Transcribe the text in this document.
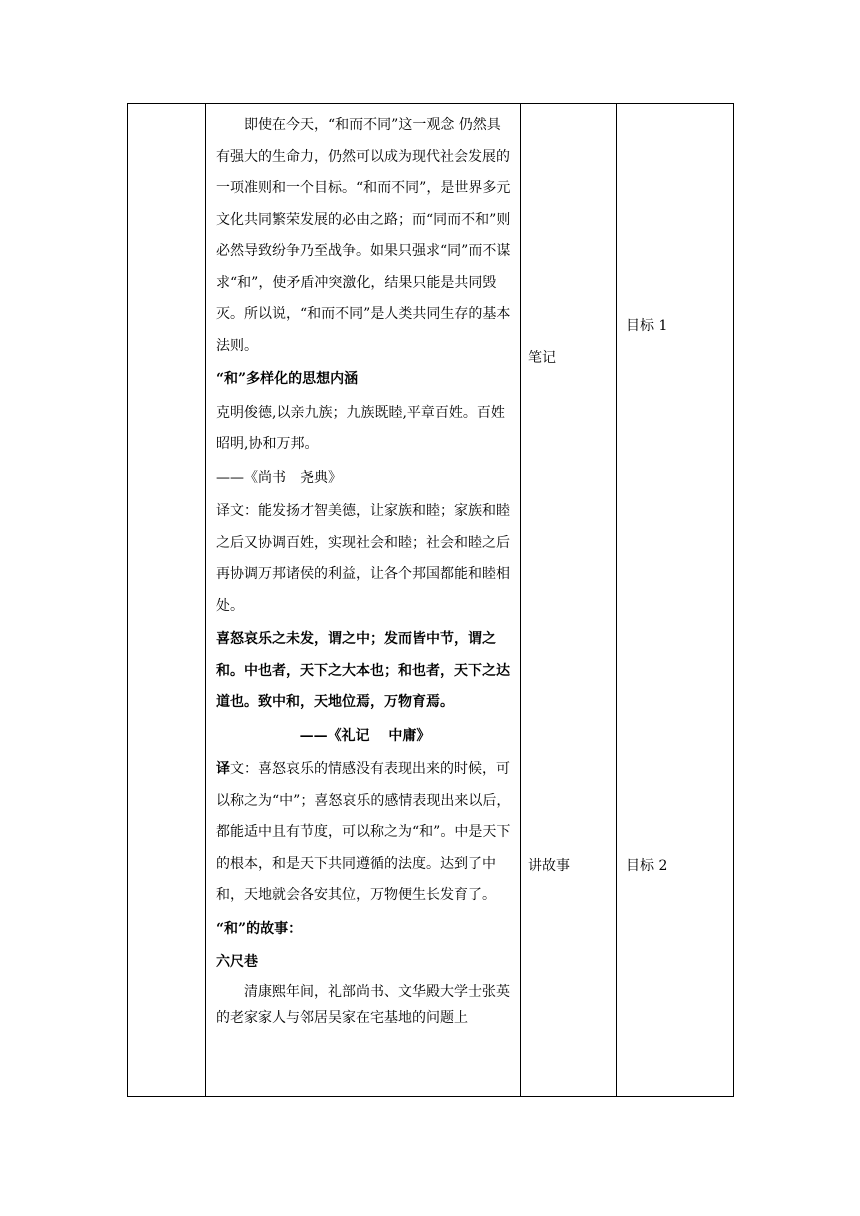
即使在今天，“和而不同”这一观念 仍然具有强大的生命力，仍然可以成为现代社会发展的一项准则和一个目标。“和而不同”，是世界多元文化共同繁荣发展的必由之路；而“同而不和”则必然导致纷争乃至战争。如果只强求“同”而不谋求“和”，使矛盾冲突激化，结果只能是共同毁灭。所以说，“和而不同”是人类共同生存的基本法则。

“和”多样化的思想内涵

克明俊德,以亲九族；九族既睦,平章百姓。百姓昭明,协和万邦。

——《尚书　尧典》

译文：能发扬才智美德，让家族和睦；家族和睦之后又协调百姓，实现社会和睦；社会和睦之后再协调万邦诸侯的利益，让各个邦国都能和睦相处。

喜怒哀乐之未发，谓之中；发而皆中节，谓之和。中也者，天下之大本也；和也者，天下之达道也。致中和，天地位焉，万物育焉。

——《礼记　 中庸》

译文：喜怒哀乐的情感没有表现出来的时候，可以称之为“中”；喜怒哀乐的感情表现出来以后，都能适中且有节度，可以称之为“和”。中是天下的根本，和是天下共同遵循的法度。达到了中和，天地就会各安其位，万物便生长发育了。

“和”的故事：

六尺巷

清康熙年间，礼部尚书、文华殿大学士张英的老家家人与邻居吴家在宅基地的问题上

笔记
目标 1
讲故事	目标 2
